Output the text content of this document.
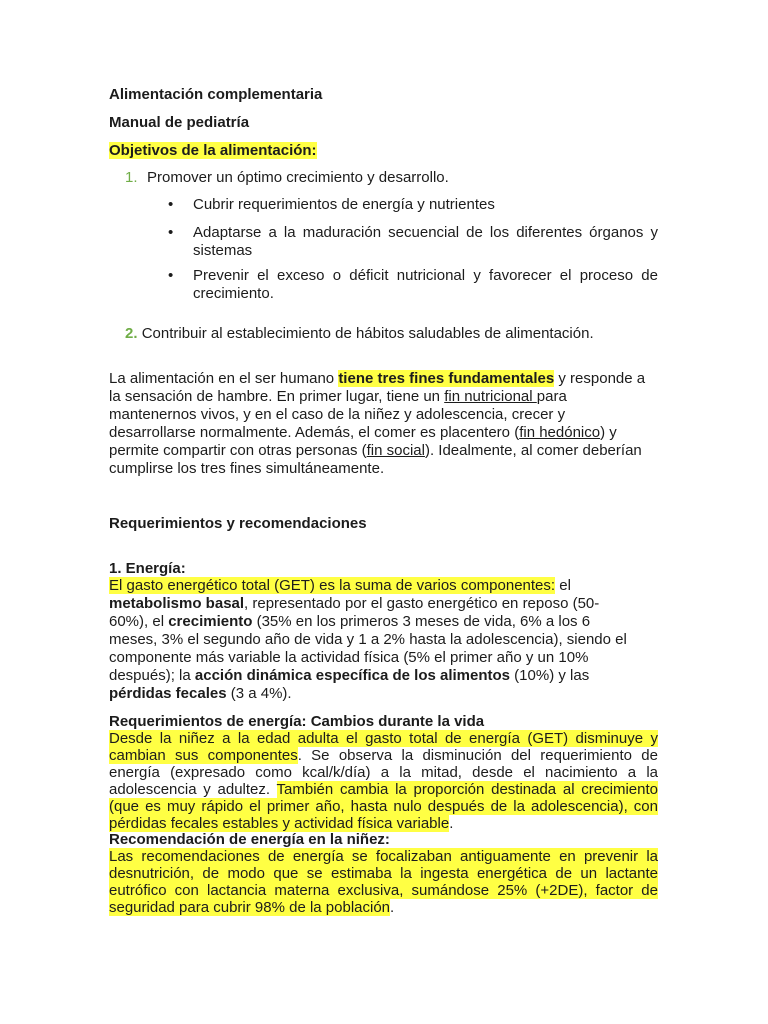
Alimentación complementaria

Manual de pediatría

Objetivos de la alimentación:

1. Promover un óptimo crecimiento y desarrollo.
•	Cubrir requerimientos de energía y nutrientes
•	Adaptarse a la maduración secuencial de los diferentes órganos y sistemas
•	Prevenir el exceso o déficit nutricional y favorecer el proceso de crecimiento.
2. Contribuir al establecimiento de hábitos saludables de alimentación.

La alimentación en el ser humano tiene tres fines fundamentales y responde a la sensación de hambre. En primer lugar, tiene un fin nutricional para mantenernos vivos, y en el caso de la niñez y adolescencia, crecer y desarrollarse normalmente. Además, el comer es placentero (fin hedónico) y permite compartir con otras personas (fin social). Idealmente, al comer deberían cumplirse los tres fines simultáneamente.

Requerimientos y recomendaciones

1. Energía:

El gasto energético total (GET) es la suma de varios componentes: el metabolismo basal, representado por el gasto energético en reposo (50-60%), el crecimiento (35% en los primeros 3 meses de vida, 6% a los 6 meses, 3% el segundo año de vida y 1 a 2% hasta la adolescencia), siendo el componente más variable la actividad física (5% el primer año y un 10% después); la acción dinámica específica de los alimentos (10%) y las pérdidas fecales (3 a 4%).

Requerimientos de energía: Cambios durante la vida

Desde la niñez a la edad adulta el gasto total de energía (GET) disminuye y cambian sus componentes. Se observa la disminución del requerimiento de energía (expresado como kcal/k/día) a la mitad, desde el nacimiento a la adolescencia y adultez. También cambia la proporción destinada al crecimiento (que es muy rápido el primer año, hasta nulo después de la adolescencia), con pérdidas fecales estables y actividad física variable.

Recomendación de energía en la niñez:

Las recomendaciones de energía se focalizaban antiguamente en prevenir la desnutrición, de modo que se estimaba la ingesta energética de un lactante eutrófico con lactancia materna exclusiva, sumándose 25% (+2DE), factor de seguridad para cubrir 98% de la población.
